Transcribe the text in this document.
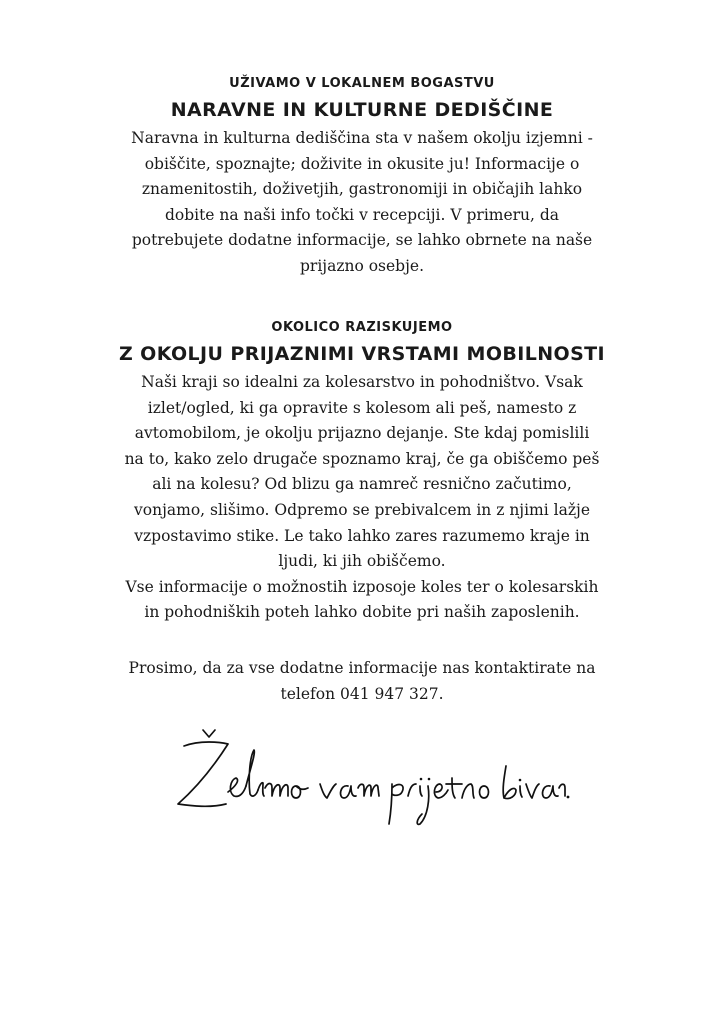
UŽIVAMO V LOKALNEM BOGASTVU

NARAVNE IN KULTURNE DEDIŠČINE

Naravna in kulturna dediščina sta v našem okolju izjemni -

obiščite, spoznajte; doživite in okusite ju! Informacije o

znamenitostih, doživetjih, gastronomiji in običajih lahko

dobite na naši info točki v recepciji. V primeru, da

potrebujete dodatne informacije, se lahko obrnete na naše

prijazno osebje.

OKOLICO RAZISKUJEMO

Z OKOLJU PRIJAZNIMI VRSTAMI MOBILNOSTI

Naši kraji so idealni za kolesarstvo in pohodništvo. Vsak

izlet/ogled, ki ga opravite s kolesom ali peš, namesto z

avtomobilom, je okolju prijazno dejanje. Ste kdaj pomislili

na to, kako zelo drugače spoznamo kraj, če ga obiščemo peš

ali na kolesu? Od blizu ga namreč resnično začutimo,

vonjamo, slišimo. Odpremo se prebivalcem in z njimi lažje

vzpostavimo stike. Le tako lahko zares razumemo kraje in

ljudi, ki jih obiščemo.

Vse informacije o možnostih izposoje koles ter o kolesarskih

in pohodniških poteh lahko dobite pri naših zaposlenih.

Prosimo, da za vse dodatne informacije nas kontaktirate na

telefon 041 947 327.
